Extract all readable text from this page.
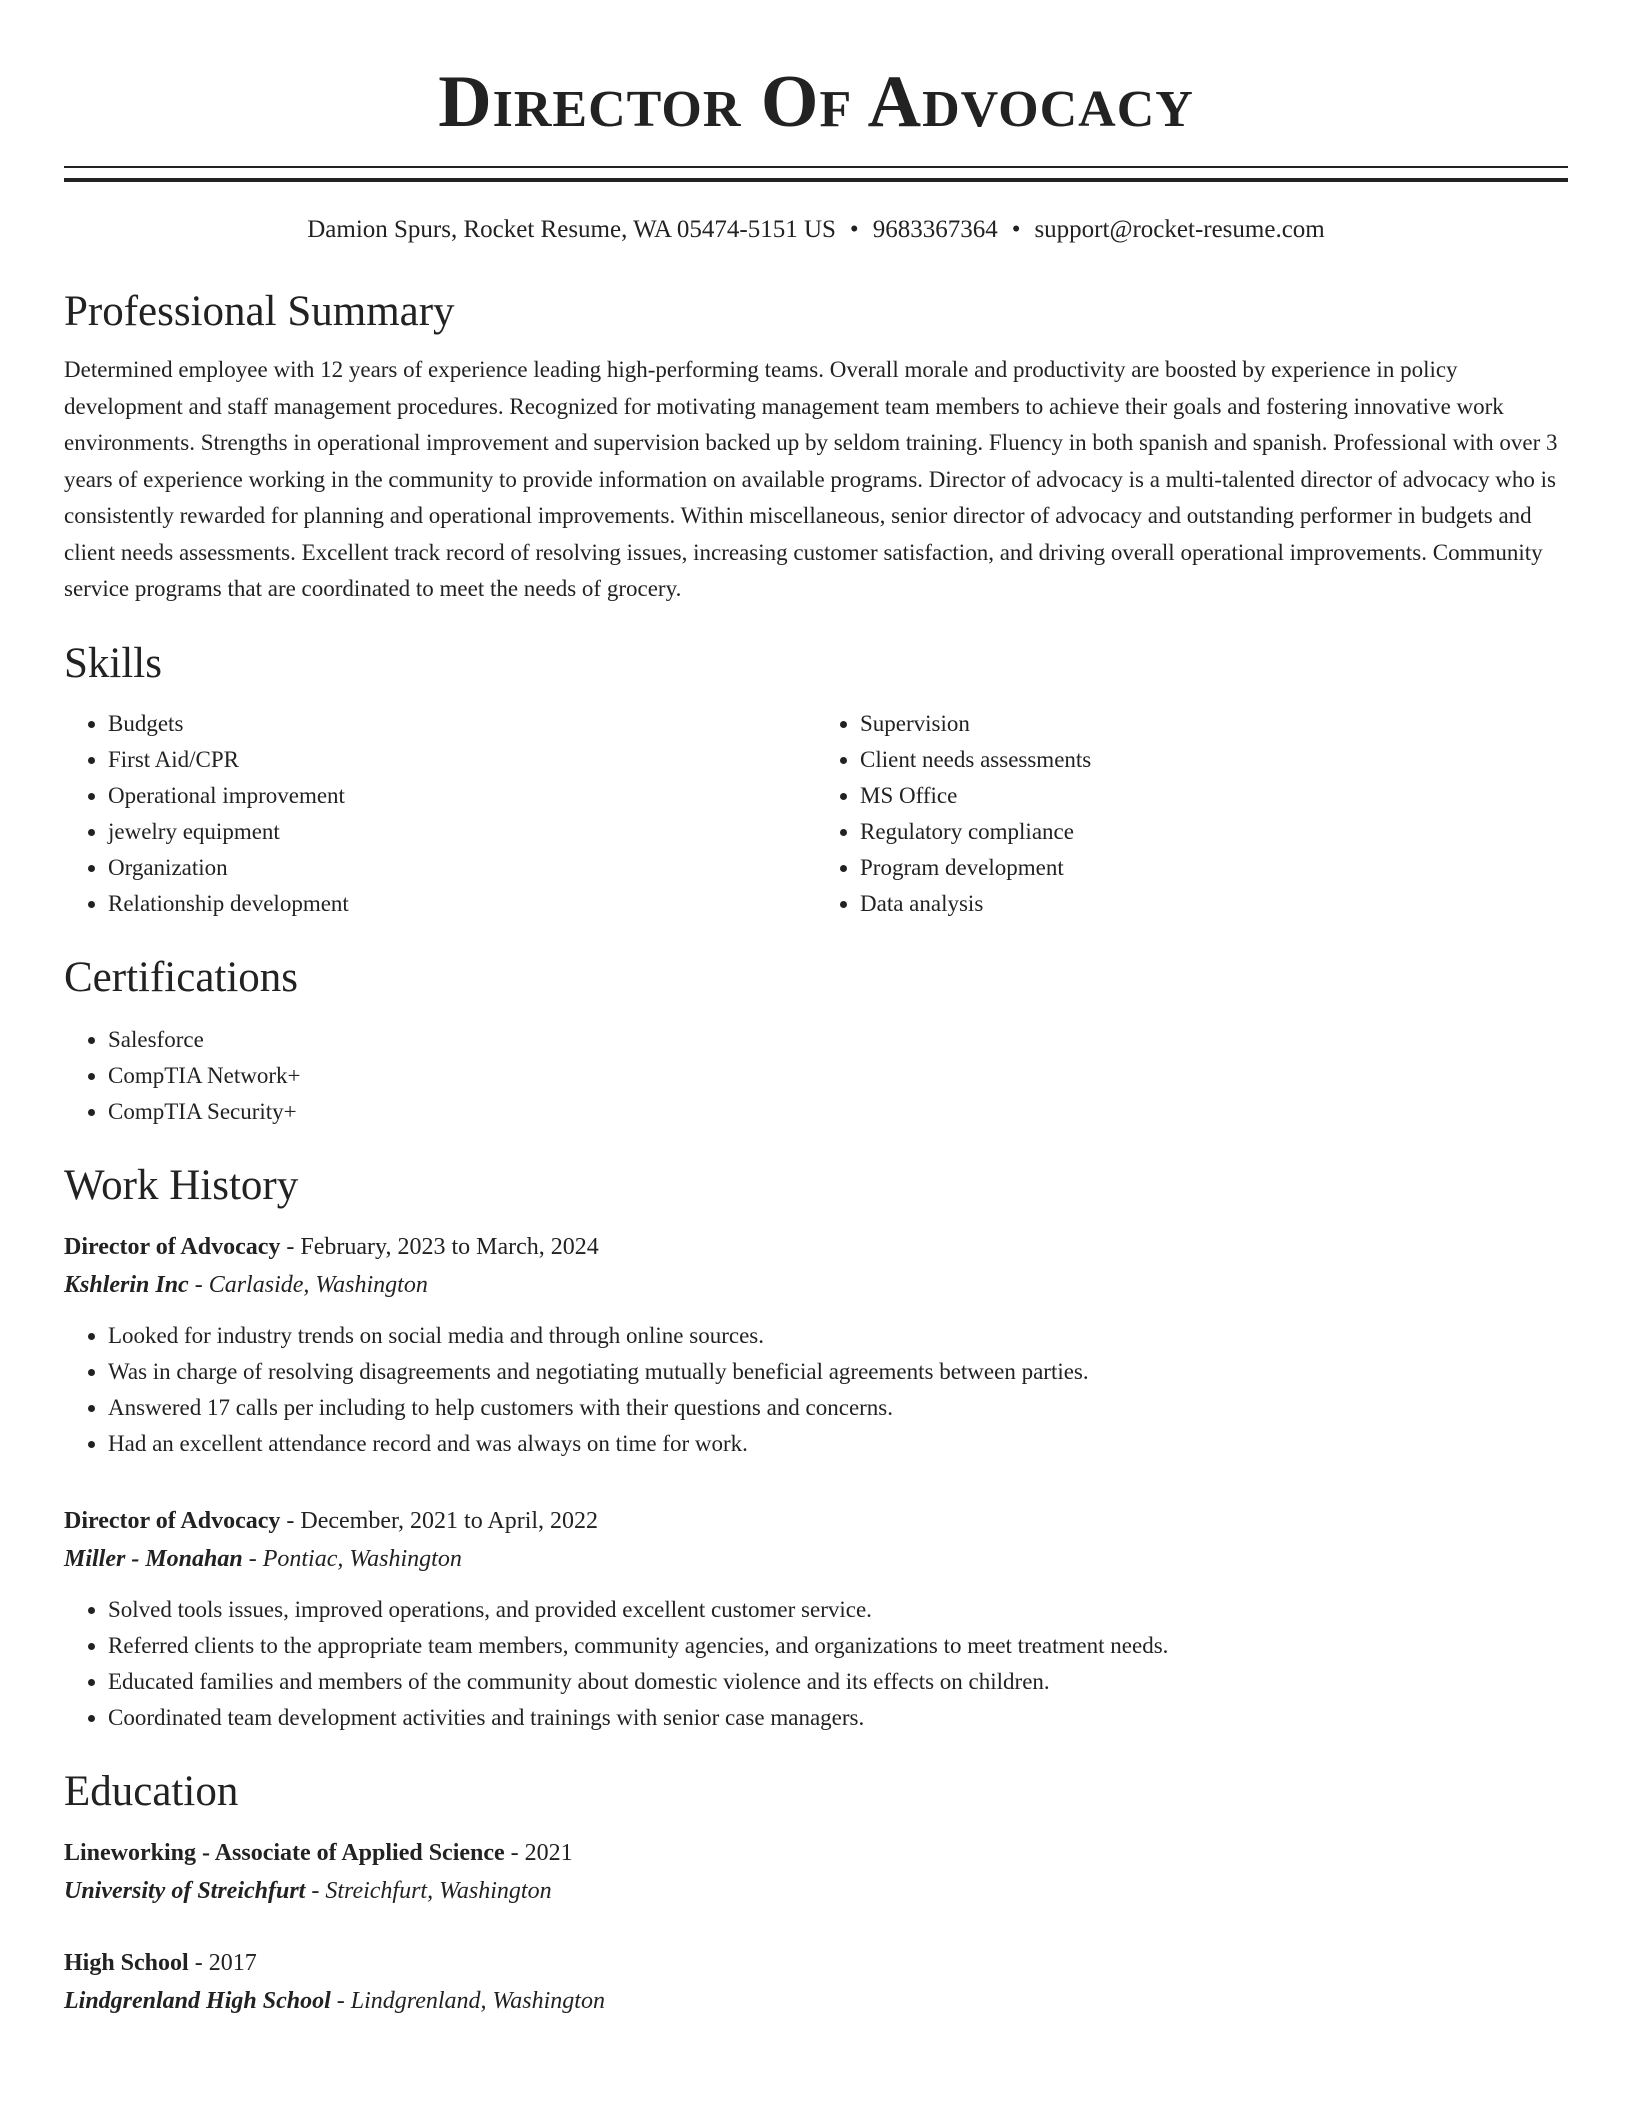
Director Of Advocacy
Damion Spurs, Rocket Resume, WA 05474-5151 US • 9683367364 • support@rocket-resume.com
Professional Summary

Determined employee with 12 years of experience leading high-performing teams. Overall morale and productivity are boosted by experience in policy development and staff management procedures. Recognized for motivating management team members to achieve their goals and fostering innovative work environments. Strengths in operational improvement and supervision backed up by seldom training. Fluency in both spanish and spanish. Professional with over 3 years of experience working in the community to provide information on available programs. Director of advocacy is a multi-talented director of advocacy who is consistently rewarded for planning and operational improvements. Within miscellaneous, senior director of advocacy and outstanding performer in budgets and client needs assessments. Excellent track record of resolving issues, increasing customer satisfaction, and driving overall operational improvements. Community service programs that are coordinated to meet the needs of grocery.

Skills
• Budgets
• First Aid/CPR
• Operational improvement
• jewelry equipment
• Organization
• Relationship development
• Supervision
• Client needs assessments
• MS Office
• Regulatory compliance
• Program development
• Data analysis
Certifications
• Salesforce
• CompTIA Network+
• CompTIA Security+
Work History
Director of Advocacy - February, 2023 to March, 2024
Kshlerin Inc - Carlaside, Washington
• Looked for industry trends on social media and through online sources.
• Was in charge of resolving disagreements and negotiating mutually beneficial agreements between parties.
• Answered 17 calls per including to help customers with their questions and concerns.
• Had an excellent attendance record and was always on time for work.
Director of Advocacy - December, 2021 to April, 2022
Miller - Monahan - Pontiac, Washington
• Solved tools issues, improved operations, and provided excellent customer service.
• Referred clients to the appropriate team members, community agencies, and organizations to meet treatment needs.
• Educated families and members of the community about domestic violence and its effects on children.
• Coordinated team development activities and trainings with senior case managers.
Education
Lineworking - Associate of Applied Science - 2021
University of Streichfurt - Streichfurt, Washington
High School - 2017
Lindgrenland High School - Lindgrenland, Washington
